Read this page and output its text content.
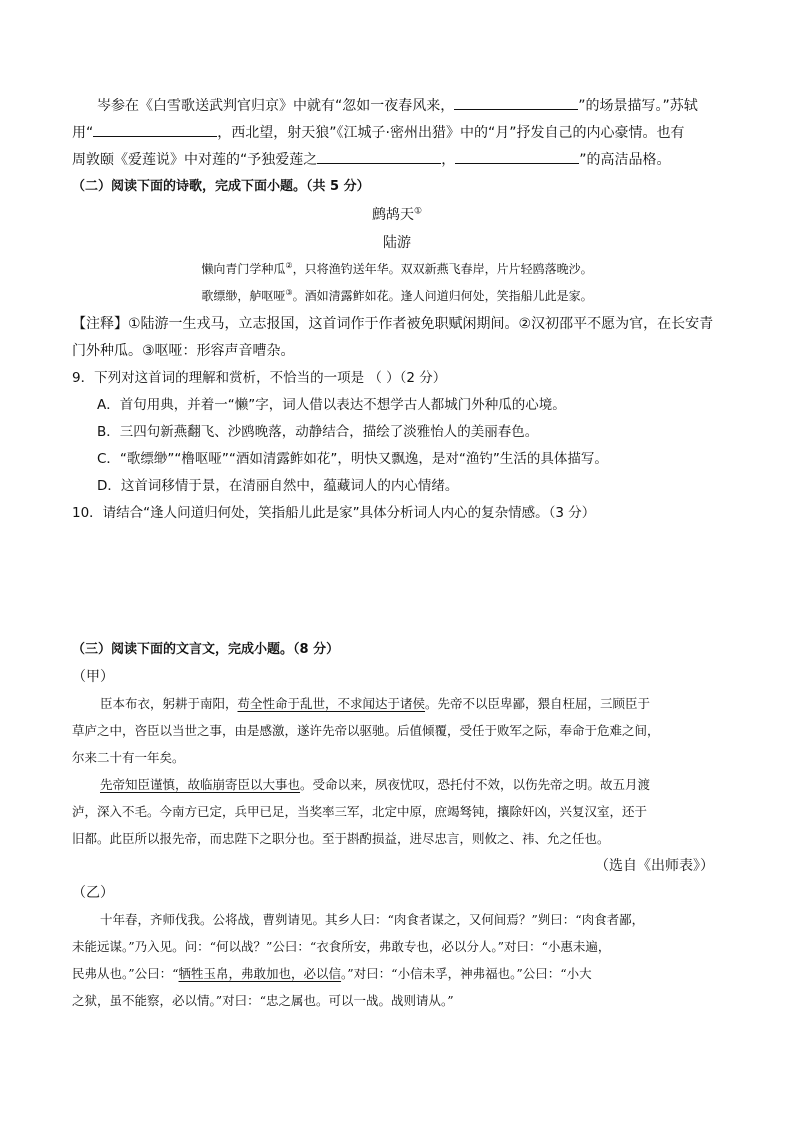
岑参在《白雪歌送武判官归京》中就有“忽如一夜春风来，	”的场景描写。”苏轼
用“	，西北望，射天狼”《江城子·密州出猎》中的“月”抒发自己的内心豪情。也有
周敦颐《爱莲说》中对莲的“予独爱莲之	，	”的高洁品格。
（二）阅读下面的诗歌，完成下面小题。（共 5 分）
鹧鸪天①
陆游
懒向青门学种瓜②，只将渔钓送年华。双双新燕飞春岸，片片轻鸥落晚沙。
歌缥缈，舻呕哑③。酒如清露鲊如花。逢人问道归何处，笑指船儿此是家。
【注释】①陆游一生戎马，立志报国，这首词作于作者被免职赋闲期间。②汉初邵平不愿为官，在长安青
门外种瓜。③呕哑：形容声音嘈杂。
9．下列对这首词的理解和赏析，不恰当的一项是 （ ）（2 分）
A．首句用典，并着一“懒”字，词人借以表达不想学古人都城门外种瓜的心境。
B．三四句新燕翻飞、沙鸥晚落，动静结合，描绘了淡雅怡人的美丽春色。
C．“歌缥缈”“橹呕哑”“酒如清露鲊如花”，明快又飘逸，是对“渔钓”生活的具体描写。
D．这首词移情于景，在清丽自然中，蕴藏词人的内心情绪。
10．请结合“逢人问道归何处，笑指船儿此是家”具体分析词人内心的复杂情感。（3 分）
（三）阅读下面的文言文，完成小题。（8 分）
（甲）
臣本布衣，躬耕于南阳，苟全性命于乱世，不求闻达于诸侯。先帝不以臣卑鄙，猥自枉屈，三顾臣于
草庐之中，咨臣以当世之事，由是感激，遂许先帝以驱驰。后值倾覆，受任于败军之际，奉命于危难之间，
尔来二十有一年矣。
先帝知臣谨慎，故临崩寄臣以大事也。受命以来，夙夜忧叹，恐托付不效，以伤先帝之明。故五月渡
泸，深入不毛。今南方已定，兵甲已足，当奖率三军，北定中原，庶竭驽钝，攘除奸凶，兴复汉室，还于
旧都。此臣所以报先帝，而忠陛下之职分也。至于斟酌损益，进尽忠言，则攸之、祎、允之任也。
（选自《出师表》）
（乙）
十年春，齐师伐我。公将战，曹刿请见。其乡人曰：“肉食者谋之，又何间焉？”刿曰：“肉食者鄙，
未能远谋。”乃入见。问：“何以战？”公曰：“衣食所安，弗敢专也，必以分人。”对曰：“小惠未遍，
民弗从也。”公曰：“牺牲玉帛，弗敢加也，必以信。”对曰：“小信未孚，神弗福也。”公曰：“小大
之狱，虽不能察，必以情。”对曰：“忠之属也。可以一战。战则请从。”
